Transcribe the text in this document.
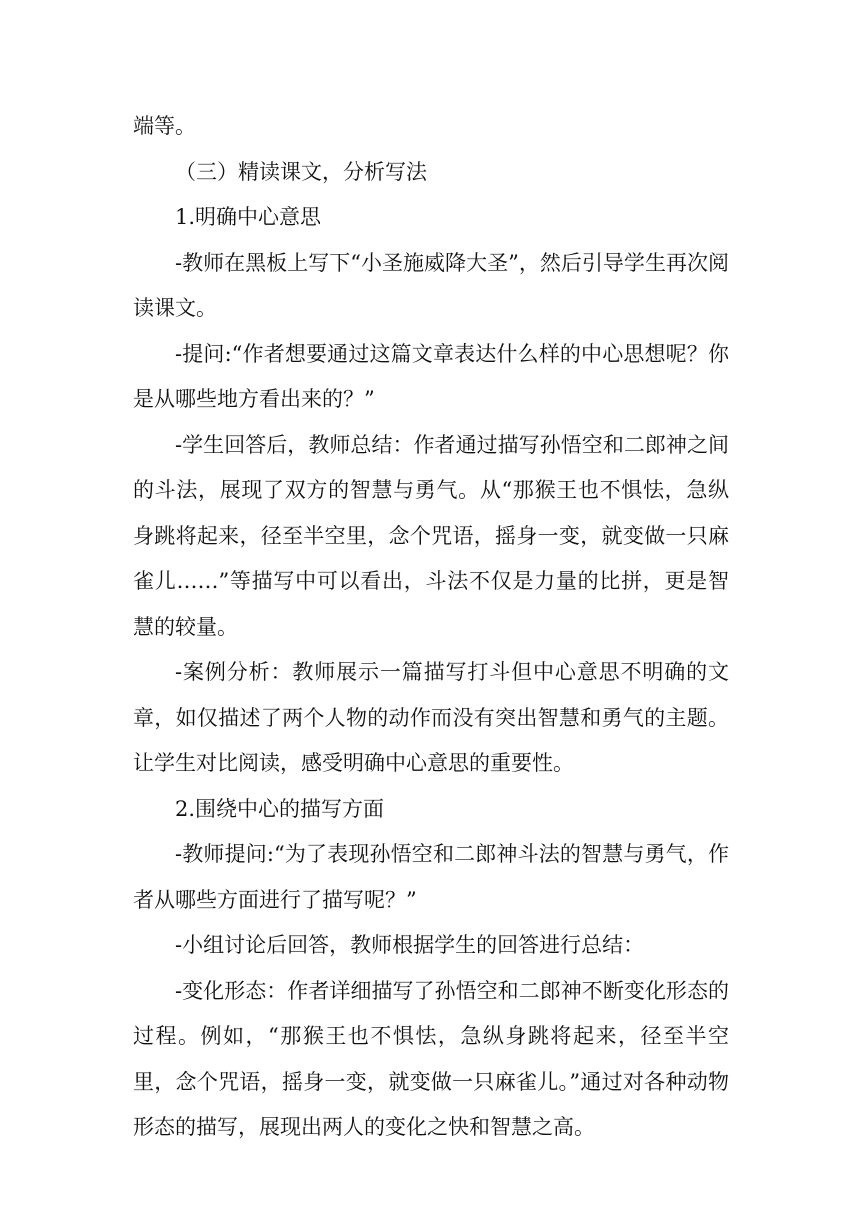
端等。

（三）精读课文，分析写法

1.明确中心意思

-教师在黑板上写下“小圣施威降大圣”，然后引导学生再次阅读课文。

-提问:“作者想要通过这篇文章表达什么样的中心思想呢？你是从哪些地方看出来的？”

-学生回答后，教师总结：作者通过描写孙悟空和二郎神之间的斗法，展现了双方的智慧与勇气。从“那猴王也不惧怯，急纵身跳将起来，径至半空里，念个咒语，摇身一变，就变做一只麻雀儿……”等描写中可以看出，斗法不仅是力量的比拼，更是智慧的较量。

-案例分析：教师展示一篇描写打斗但中心意思不明确的文章，如仅描述了两个人物的动作而没有突出智慧和勇气的主题。让学生对比阅读，感受明确中心意思的重要性。

2.围绕中心的描写方面

-教师提问:“为了表现孙悟空和二郎神斗法的智慧与勇气，作者从哪些方面进行了描写呢？”

-小组讨论后回答，教师根据学生的回答进行总结：

-变化形态：作者详细描写了孙悟空和二郎神不断变化形态的过程。例如，“那猴王也不惧怯，急纵身跳将起来，径至半空里，念个咒语，摇身一变，就变做一只麻雀儿。”通过对各种动物形态的描写，展现出两人的变化之快和智慧之高。
